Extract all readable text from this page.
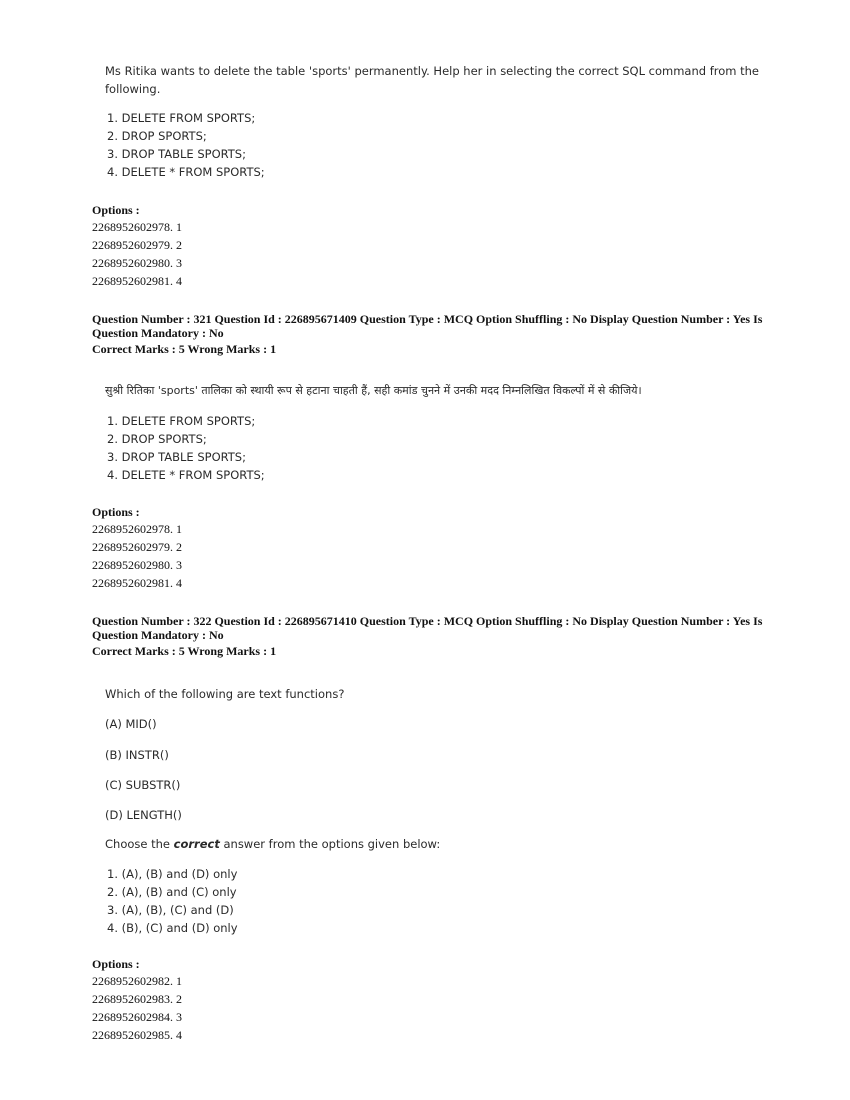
Ms Ritika wants to delete the table 'sports' permanently. Help her in selecting the correct SQL command from the
following.
1. DELETE FROM SPORTS;
2. DROP SPORTS;
3. DROP TABLE SPORTS;
4. DELETE * FROM SPORTS;
Options :
2268952602978. 1
2268952602979. 2
2268952602980. 3
2268952602981. 4
Question Number : 321 Question Id : 226895671409 Question Type : MCQ Option Shuffling : No Display Question Number : Yes Is
Question Mandatory : No
Correct Marks : 5 Wrong Marks : 1
सुश्री रितिका 'sports' तालिका को स्थायी रूप से हटाना चाहती हैं, सही कमांड चुनने में उनकी मदद निम्नलिखित विकल्पों में से कीजिये।
1. DELETE FROM SPORTS;
2. DROP SPORTS;
3. DROP TABLE SPORTS;
4. DELETE * FROM SPORTS;
Options :
2268952602978. 1
2268952602979. 2
2268952602980. 3
2268952602981. 4
Question Number : 322 Question Id : 226895671410 Question Type : MCQ Option Shuffling : No Display Question Number : Yes Is
Question Mandatory : No
Correct Marks : 5 Wrong Marks : 1
Which of the following are text functions?
(A) MID()
(B) INSTR()
(C) SUBSTR()
(D) LENGTH()
Choose the correct answer from the options given below:
1. (A), (B) and (D) only
2. (A), (B) and (C) only
3. (A), (B), (C) and (D)
4. (B), (C) and (D) only
Options :
2268952602982. 1
2268952602983. 2
2268952602984. 3
2268952602985. 4
